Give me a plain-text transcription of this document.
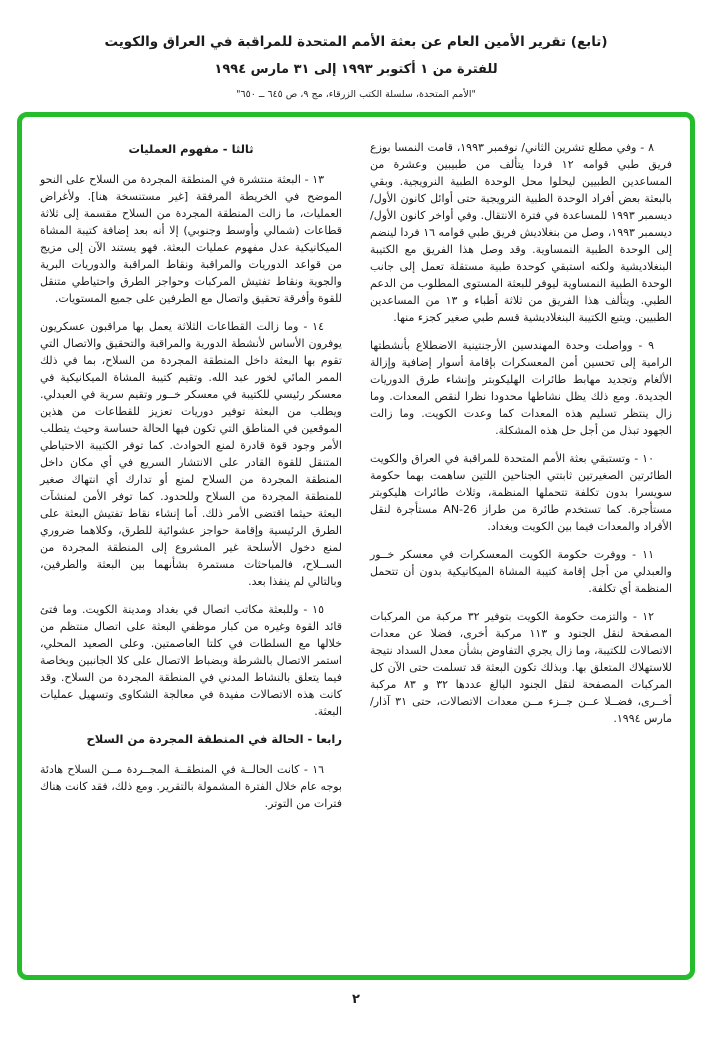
(تابع) تقرير الأمين العام عن بعثة الأمم المتحدة للمراقبة في العراق والكويت
للفترة من ١ أكتوبر ١٩٩٣ إلى ٣١ مارس ١٩٩٤
"الأمم المتحدة، سلسلة الكتب الزرقاء، مج ٩، ص ٦٤٥ ــ ٦٥٠"

٨ - وفي مطلع تشرين الثاني/ نوفمبر ١٩٩٣، قامت النمسا بوزع فريق طبي قوامه ١٢ فردا يتألف من طبيبين وعشرة من المساعدين الطبيين ليحلوا محل الوحدة الطبية النرويجية. وبقي بالبعثة بعض أفراد الوحدة الطبية النرويجية حتى أوائل كانون الأول/ ديسمبر ١٩٩٣ للمساعدة في فترة الانتقال. وفي أواخر كانون الأول/ ديسمبر ١٩٩٣، وصل من بنغلاديش فريق طبي قوامه ١٦ فردا لينضم إلى الوحدة الطبية النمساوية. وقد وصل هذا الفريق مع الكتيبة البنغلاديشية ولكنه استبقي كوحدة طبية مستقلة تعمل إلى جانب الوحدة الطبية النمساوية ليوفر للبعثة المستوى المطلوب من الدعم الطبي. ويتألف هذا الفريق من ثلاثة أطباء و ١٣ من المساعدين الطبيين. ويتبع الكتيبة البنغلاديشية قسم طبي صغير كجزء منها.

٩ - وواصلت وحدة المهندسين الأرجنتينية الاضطلاع بأنشطتها الرامية إلى تحسين أمن المعسكرات بإقامة أسوار إضافية وإزالة الألغام وتجديد مهابط طائرات الهليكوبتر وإنشاء طرق الدوريات الجديدة. ومع ذلك يظل نشاطها محدودا نظرا لنقص المعدات. وما زال ينتظر تسليم هذه المعدات كما وعدت الكويت. وما زالت الجهود تبذل من أجل حل هذه المشكلة.

١٠ - وتستبقي بعثة الأمم المتحدة للمراقبة في العراق والكويت الطائرتين الصغيرتين ثابتتي الجناحين اللتين ساهمت بهما حكومة سويسرا بدون تكلفة تتحملها المنظمة، وثلاث طائرات هليكوبتر مستأجرة. كما تستخدم طائرة من طراز AN-26 مستأجرة لنقل الأفراد والمعدات فيما بين الكويت وبغداد.

١١ - ووفرت حكومة الكويت المعسكرات في معسكر خــور والعبدلي من أجل إقامة كتيبة المشاة الميكانيكية بدون أن تتحمل المنظمة أي تكلفة.

١٢ - والتزمت حكومة الكويت بتوفير ٣٢ مركبة من المركبات المصفحة لنقل الجنود و ١١٣ مركبة أخرى، فضلا عن معدات الاتصالات للكتيبة، وما زال يجري التفاوض بشأن معدل السداد نتيجة للاستهلاك المتعلق بها. وبذلك تكون البعثة قد تسلمت حتى الآن كل المركبات المصفحة لنقل الجنود البالغ عددها ٣٢ و ٨٣ مركبة أخــرى، فضــلا عــن جــزء مــن معدات الاتصالات، حتى ٣١ آذار/ مارس ١٩٩٤.

ثالثا - مفهوم العمليات

١٣ - البعثة منتشرة في المنطقة المجردة من السلاح على النحو الموضح في الخريطة المرفقة [غير مستنسخة هنا]. ولأغراض العمليات، ما زالت المنطقة المجردة من السلاح مقسمة إلى ثلاثة قطاعات (شمالي وأوسط وجنوبي) إلا أنه بعد إضافة كتيبة المشاة الميكانيكية عدل مفهوم عمليات البعثة. فهو يستند الآن إلى مزيج من قواعد الدوريات والمراقبة ونقاط المراقبة والدوريات البرية والجوية ونقاط تفتيش المركبات وحواجز الطرق واحتياطي متنقل للقوة وأفرقة تحقيق واتصال مع الطرفين على جميع المستويات.

١٤ - وما زالت القطاعات الثلاثة يعمل بها مراقبون عسكريون يوفرون الأساس لأنشطة الدورية والمراقبة والتحقيق والاتصال التي تقوم بها البعثة داخل المنطقة المجردة من السلاح، بما في ذلك الممر المائي لخور عبد الله. وتقيم كتيبة المشاة الميكانيكية في معسكر رئيسي للكتيبة في معسكر خــور وتقيم سرية في العبدلي. ويطلب من البعثة توفير دوريات تعزيز للقطاعات من هذين الموقعين في المناطق التي تكون فيها الحالة حساسة وحيث يتطلب الأمر وجود قوة قادرة لمنع الحوادث. كما توفر الكتيبة الاحتياطي المتنقل للقوة القادر على الانتشار السريع في أي مكان داخل المنطقة المجردة من السلاح لمنع أو تدارك أي انتهاك صغير للمنطقة المجردة من السلاح وللحدود. كما توفر الأمن لمنشآت البعثة حيثما اقتضى الأمر ذلك. أما إنشاء نقاط تفتيش البعثة على الطرق الرئيسية وإقامة حواجز عشوائية للطرق، وكلاهما ضروري لمنع دخول الأسلحة غير المشروع إلى المنطقة المجردة من الســلاح، فالمباحثات مستمرة بشأنهما بين البعثة والطرفين، وبالتالي لم ينفذا بعد.

١٥ - وللبعثة مكاتب اتصال في بغداد ومدينة الكويت. وما فتئ قائد القوة وغيره من كبار موظفي البعثة على اتصال منتظم من خلالها مع السلطات في كلتا العاصمتين. وعلى الصعيد المحلي، استمر الاتصال بالشرطة وبضباط الاتصال على كلا الجانبين وبخاصة فيما يتعلق بالنشاط المدني في المنطقة المجردة من السلاح. وقد كانت هذه الاتصالات مفيدة في معالجة الشكاوى وتسهيل عمليات البعثة.

رابعا - الحالة في المنطقة المجردة من السلاح

١٦ - كانت الحالــة في المنطقــة المجــردة مــن السلاح هادئة بوجه عام خلال الفترة المشمولة بالتقرير. ومع ذلك، فقد كانت هناك فترات من التوتر.

٢
